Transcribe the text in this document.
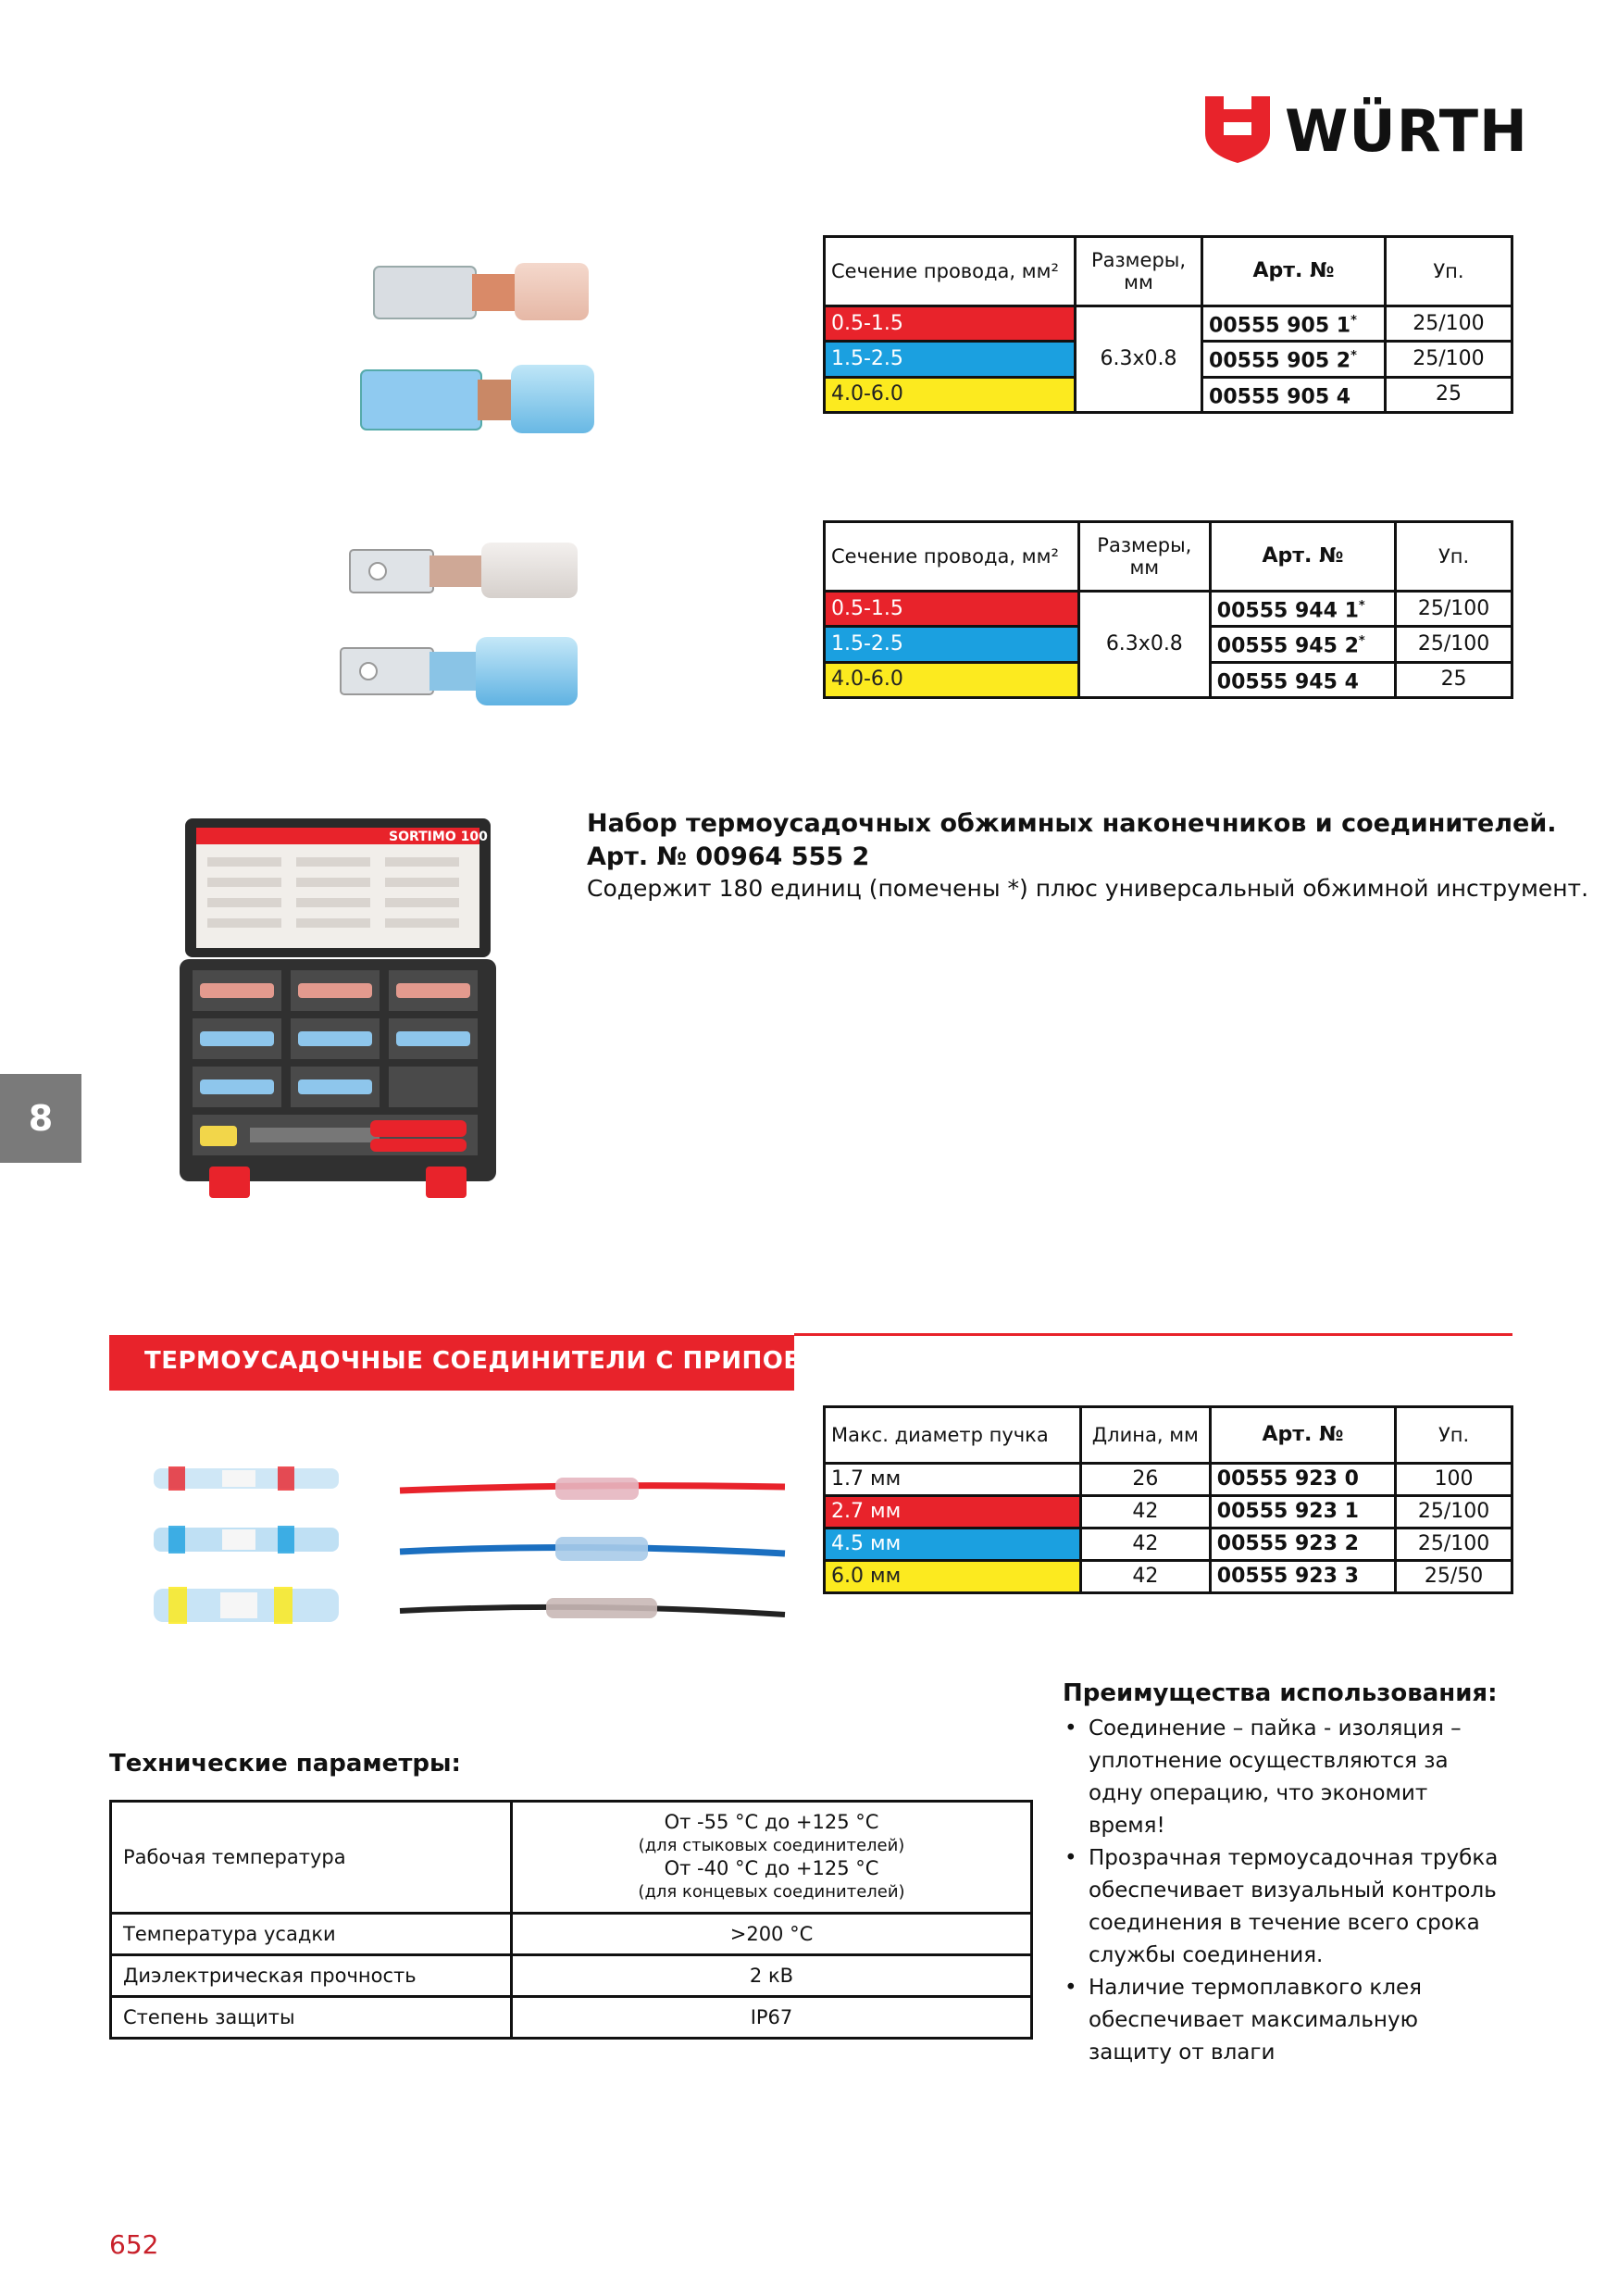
WÜRTH
Сечение провода, мм²	Размеры, мм	Арт. №	Уп.
0.5-1.5	6.3x0.8	00555 905 1*	25/100
1.5-2.5		00555 905 2*	25/100
4.0-6.0		00555 905 4	25
Сечение провода, мм²	Размеры, мм	Арт. №	Уп.
0.5-1.5	6.3x0.8	00555 944 1*	25/100
1.5-2.5		00555 945 2*	25/100
4.0-6.0		00555 945 4	25
SORTIMO 100	Набор термоусадочных обжимных наконечников и соединителей.
Арт. № 00964 555 2
Содержит 180 единиц (помечены *) плюс универсальный обжимной инструмент.
8
ТЕРМОУСАДОЧНЫЕ СОЕДИНИТЕЛИ С ПРИПОЕМ
Макс. диаметр пучка	Длина, мм	Арт. №	Уп.
1.7 мм	26	00555 923 0	100
2.7 мм	42	00555 923 1	25/100
4.5 мм	42	00555 923 2	25/100
6.0 мм	42	00555 923 3	25/50
Преимущества использования:
• Соединение – пайка - изоляция – уплотнение осуществляются за одну операцию, что экономит время!
• Прозрачная термоусадочная трубка обеспечивает визуальный контроль соединения в течение всего срока службы соединения.
• Наличие термоплавкого клея обеспечивает максимальную защиту от влаги
Технические параметры:
Рабочая температура	От -55 °C до +125 °C
(для стыковых соединителей)
От -40 °C до +125 °C
(для концевых соединителей)

Температура усадки	>200 °C
Диэлектрическая прочность	2 кВ
Степень защиты	IP67
652
